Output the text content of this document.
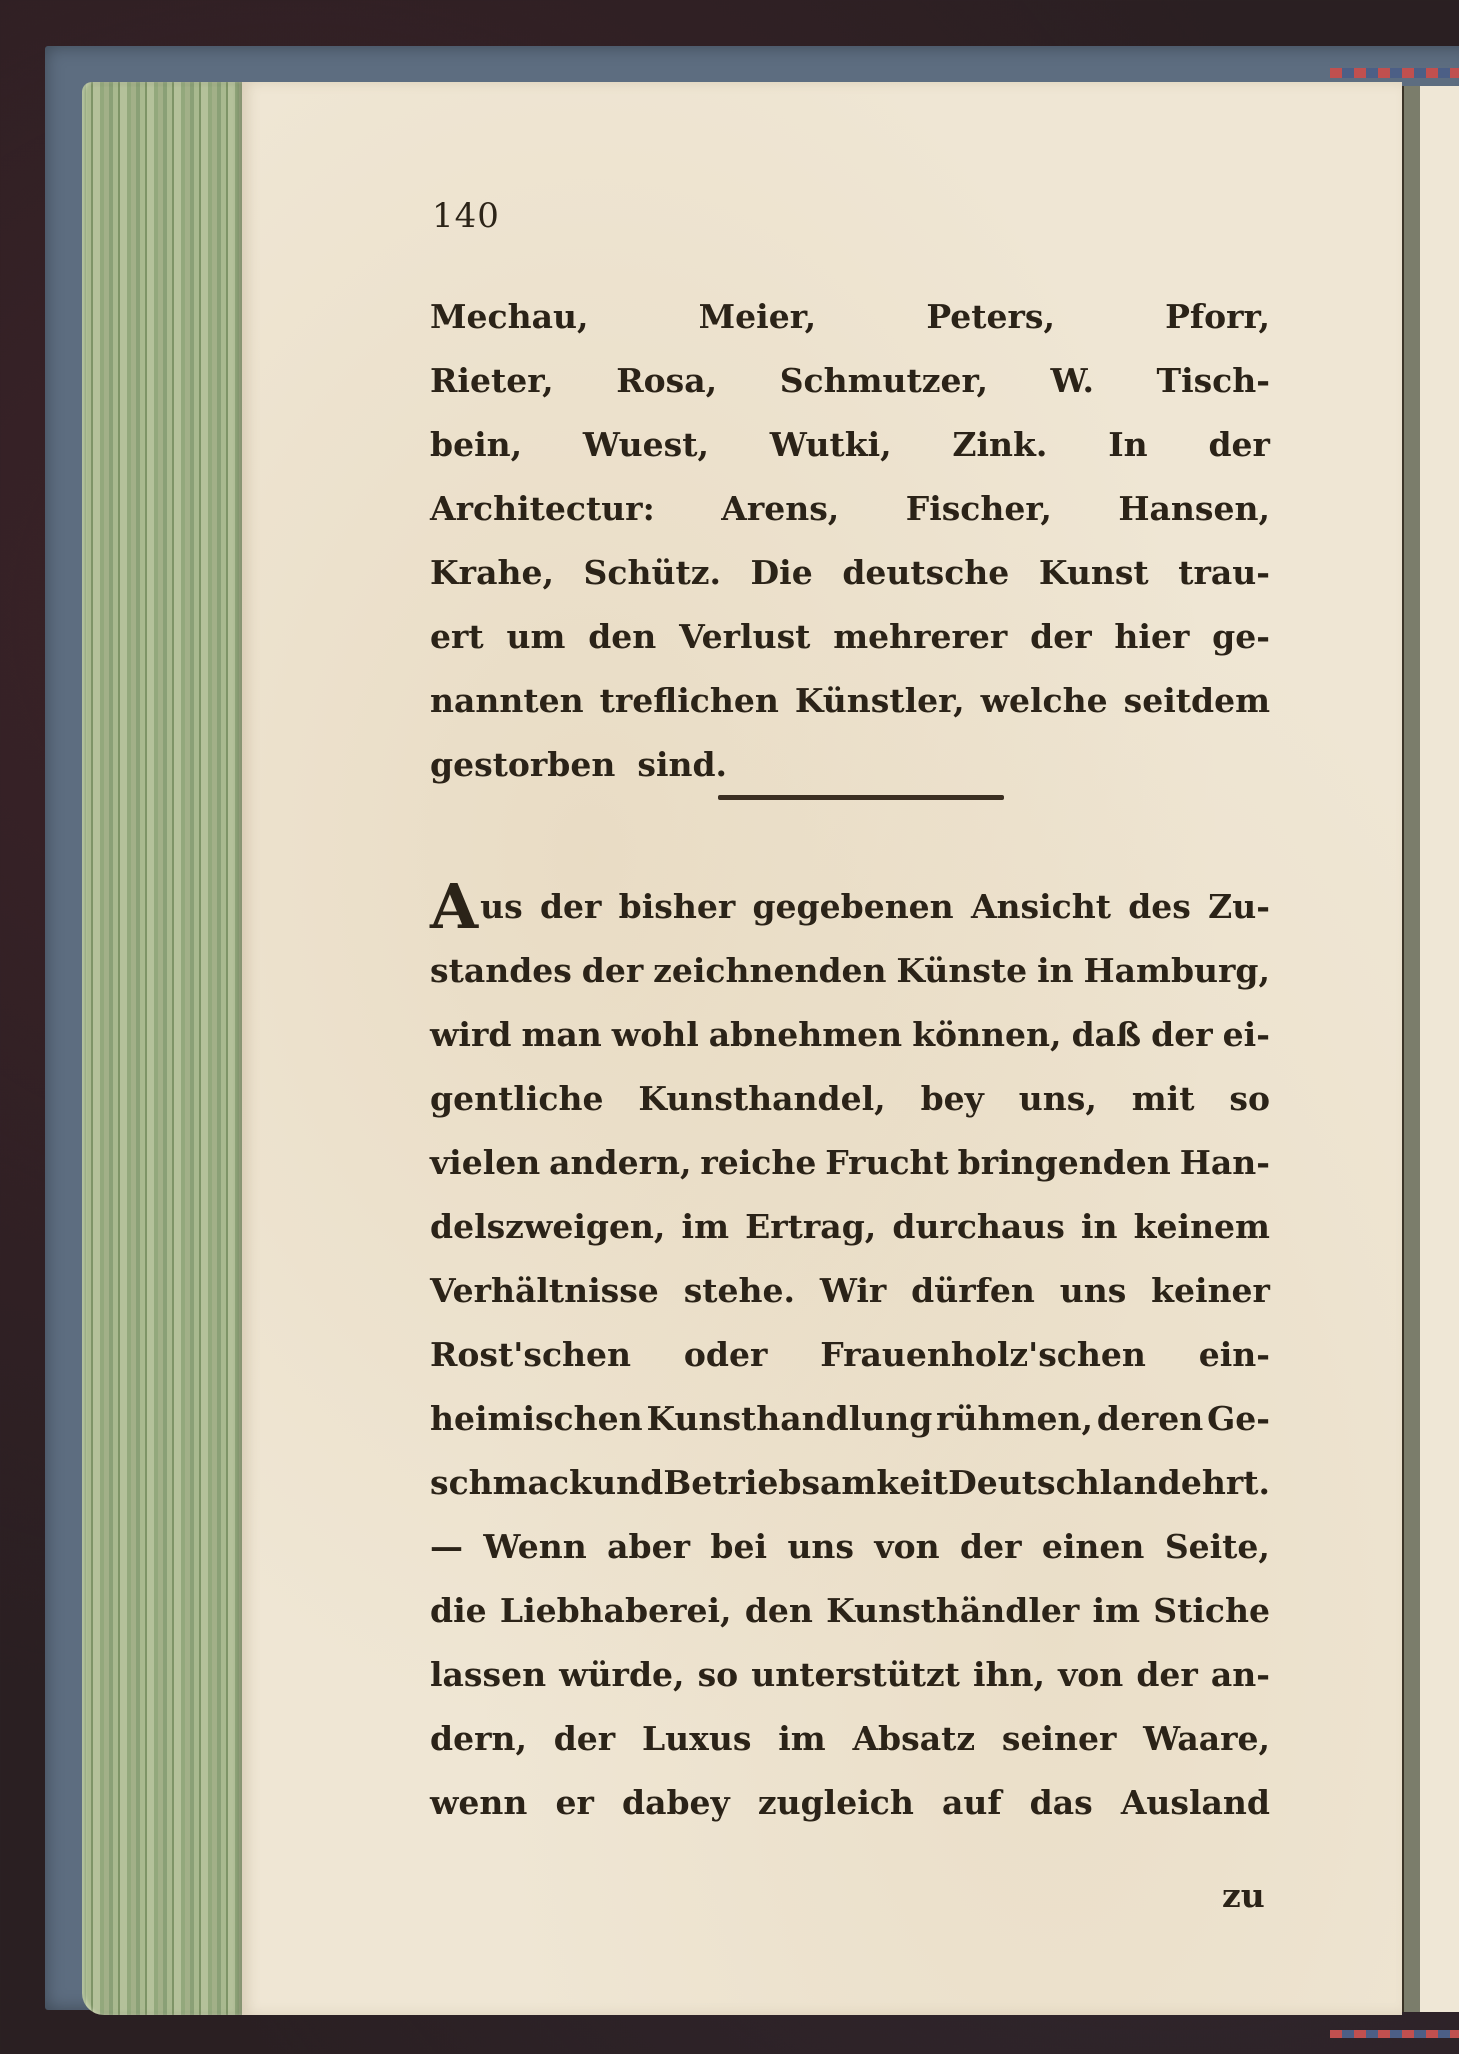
140
Mechau,	Meier,	Peters,	Pforr,
Rieter, Rosa, Schmutzer, W. Tisch-
bein, Wuest, Wutki, Zink. In der
Architectur: Arens, Fischer, Hansen,
Krahe, Schütz. Die deutsche Kunst trau-
ert um den Verlust mehrerer der hier ge-
nannten treflichen Künstler, welche seitdem
gestorben sind.
A us der bisher gegebenen Ansicht des Zu-
standes der zeichnenden Künste in Hamburg,
wird man wohl abnehmen können, daß der ei-
gentliche Kunsthandel, bey uns, mit so
vielen andern, reiche Frucht bringenden Han-
delszweigen, im Ertrag, durchaus in keinem
Verhältnisse stehe. Wir dürfen uns keiner
Rost'schen oder Frauenholz'schen ein-
heimischen Kunsthandlung rühmen, deren Ge-
schmack und Betriebsamkeit Deutschland ehrt.
— Wenn aber bei uns von der einen Seite,
die Liebhaberei, den Kunsthändler im Stiche
lassen würde, so unterstützt ihn, von der an-
dern, der Luxus im Absatz seiner Waare,
wenn er dabey zugleich auf das Ausland
zu
